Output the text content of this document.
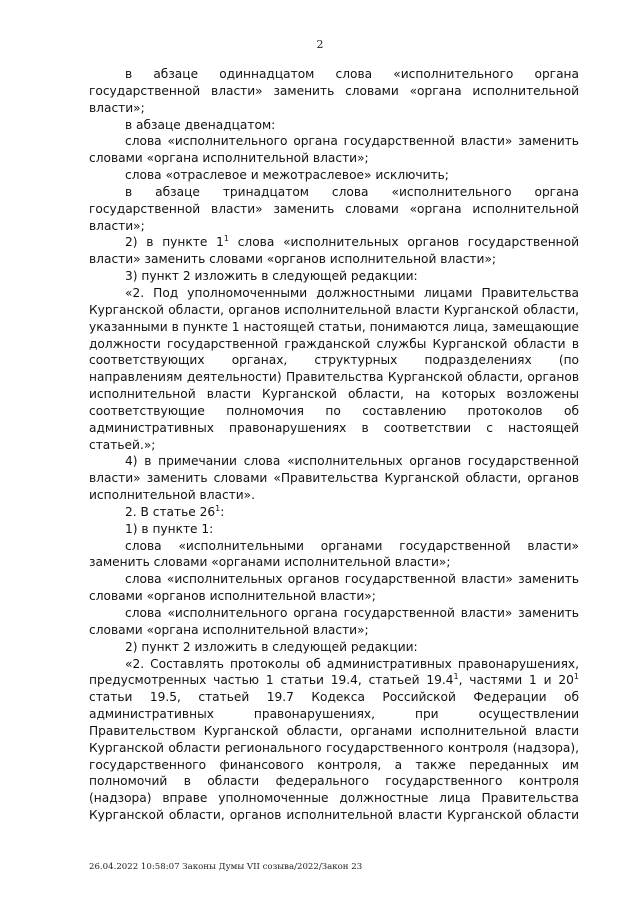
2

в абзаце одиннадцатом слова «исполнительного органа государственной власти» заменить словами «органа исполнительной власти»;

в абзаце двенадцатом:

слова «исполнительного органа государственной власти» заменить словами «органа исполнительной власти»;

слова «отраслевое и межотраслевое» исключить;

в абзаце тринадцатом слова «исполнительного органа государственной власти» заменить словами «органа исполнительной власти»;

2) в пункте $1^1$ слова «исполнительных органов государственной власти» заменить словами «органов исполнительной власти»;

3) пункт 2 изложить в следующей редакции:

«2. Под уполномоченными должностными лицами Правительства Курганской области, органов исполнительной власти Курганской области, указанными в пункте 1 настоящей статьи, понимаются лица, замещающие должности государственной гражданской службы Курганской области в соответствующих органах, структурных подразделениях (по направлениям деятельности) Правительства Курганской области, органов исполнительной власти Курганской области, на которых возложены соответствующие полномочия по составлению протоколов об административных правонарушениях в соответствии с настоящей статьей.»;

4) в примечании слова «исполнительных органов государственной власти» заменить словами «Правительства Курганской области, органов исполнительной власти».

2. В статье $26^1$:

1) в пункте 1:

слова «исполнительными органами государственной власти» заменить словами «органами исполнительной власти»;

слова «исполнительных органов государственной власти» заменить словами «органов исполнительной власти»;

слова «исполнительного органа государственной власти» заменить словами «органа исполнительной власти»;

2) пункт 2 изложить в следующей редакции:

«2. Составлять протоколы об административных правонарушениях, предусмотренных частью 1 статьи 19.4, статьей 19.4$^1$, частями 1 и $20^1$ статьи 19.5, статьей 19.7 Кодекса Российской Федерации об административных правонарушениях, при осуществлении Правительством Курганской области, органами исполнительной власти Курганской области регионального государственного контроля (надзора), государственного финансового контроля, а также переданных им полномочий в области федерального государственного контроля (надзора) вправе уполномоченные должностные лица Правительства Курганской области, органов исполнительной власти Курганской области

26.04.2022 10:58:07 Законы Думы VII созыва/2022/Закон 23
